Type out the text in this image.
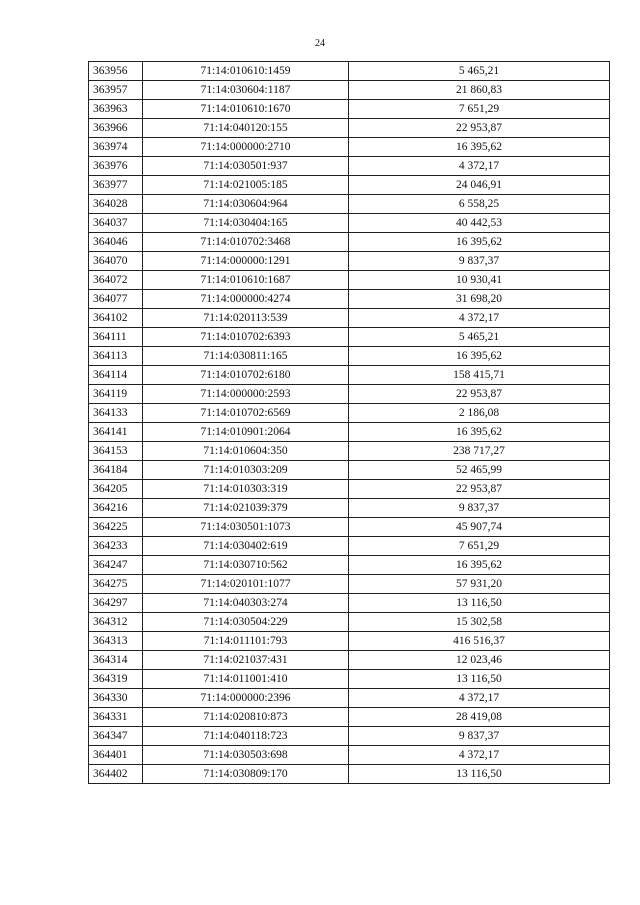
24
363956	71:14:010610:1459	5 465,21
363957	71:14:030604:1187	21 860,83
363963	71:14:010610:1670	7 651,29
363966	71:14:040120:155	22 953,87
363974	71:14:000000:2710	16 395,62
363976	71:14:030501:937	4 372,17
363977	71:14:021005:185	24 046,91
364028	71:14:030604:964	6 558,25
364037	71:14:030404:165	40 442,53
364046	71:14:010702:3468	16 395,62
364070	71:14:000000:1291	9 837,37
364072	71:14:010610:1687	10 930,41
364077	71:14:000000:4274	31 698,20
364102	71:14:020113:539	4 372,17
364111	71:14:010702:6393	5 465,21
364113	71:14:030811:165	16 395,62
364114	71:14:010702:6180	158 415,71
364119	71:14:000000:2593	22 953,87
364133	71:14:010702:6569	2 186,08
364141	71:14:010901:2064	16 395,62
364153	71:14:010604:350	238 717,27
364184	71:14:010303:209	52 465,99
364205	71:14:010303:319	22 953,87
364216	71:14:021039:379	9 837,37
364225	71:14:030501:1073	45 907,74
364233	71:14:030402:619	7 651,29
364247	71:14:030710:562	16 395,62
364275	71:14:020101:1077	57 931,20
364297	71:14:040303:274	13 116,50
364312	71:14:030504:229	15 302,58
364313	71:14:011101:793	416 516,37
364314	71:14:021037:431	12 023,46
364319	71:14:011001:410	13 116,50
364330	71:14:000000:2396	4 372,17
364331	71:14:020810:873	28 419,08
364347	71:14:040118:723	9 837,37
364401	71:14:030503:698	4 372,17
364402	71:14:030809:170	13 116,50
